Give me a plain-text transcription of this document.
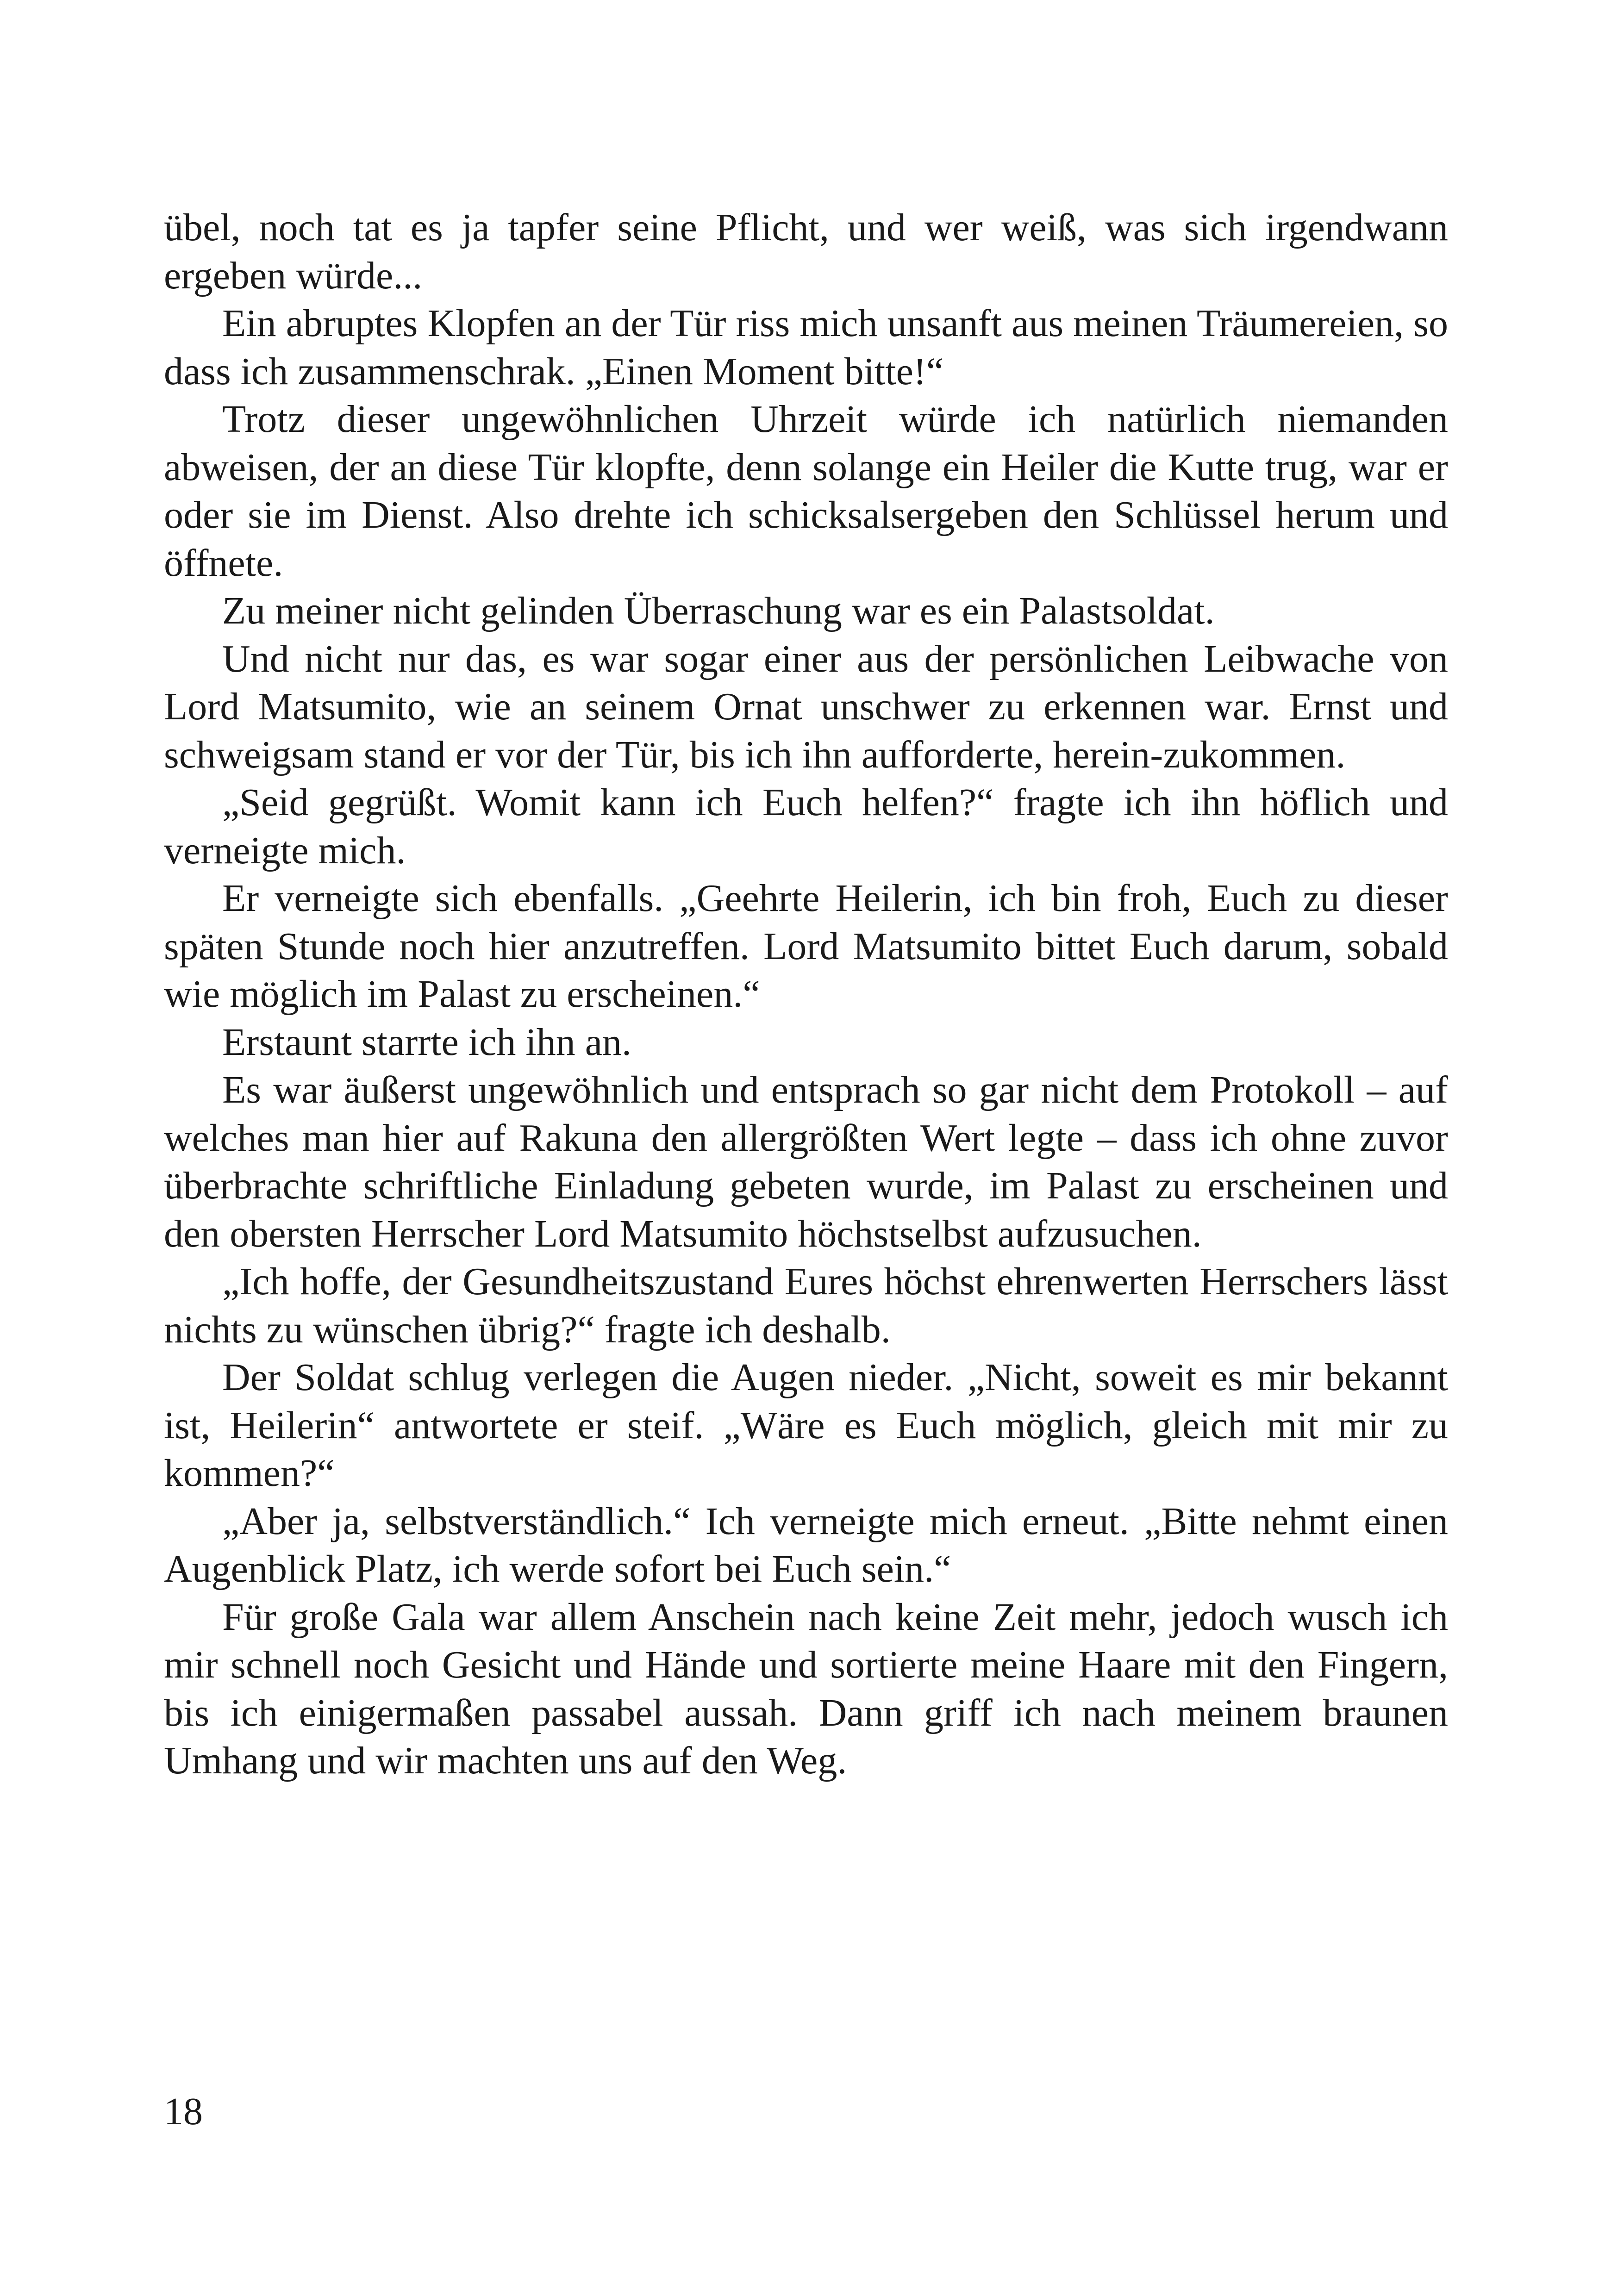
übel, noch tat es ja tapfer seine Pflicht, und wer weiß, was sich irgendwann ergeben würde...

Ein abruptes Klopfen an der Tür riss mich unsanft aus meinen Träumereien, so dass ich zusammenschrak. „Einen Moment bitte!“

Trotz dieser ungewöhnlichen Uhrzeit würde ich natürlich niemanden abweisen, der an diese Tür klopfte, denn solange ein Heiler die Kutte trug, war er oder sie im Dienst. Also drehte ich schicksalsergeben den Schlüssel herum und öffnete.

Zu meiner nicht gelinden Überraschung war es ein Palastsoldat.

Und nicht nur das, es war sogar einer aus der persönlichen Leibwache von Lord Matsumito, wie an seinem Ornat unschwer zu erkennen war. Ernst und schweigsam stand er vor der Tür, bis ich ihn aufforderte, herein-zukommen.

„Seid gegrüßt. Womit kann ich Euch helfen?“ fragte ich ihn höflich und verneigte mich.

Er verneigte sich ebenfalls. „Geehrte Heilerin, ich bin froh, Euch zu dieser späten Stunde noch hier anzutreffen. Lord Matsumito bittet Euch darum, sobald wie möglich im Palast zu erscheinen.“

Erstaunt starrte ich ihn an.

Es war äußerst ungewöhnlich und entsprach so gar nicht dem Protokoll – auf welches man hier auf Rakuna den allergrößten Wert legte – dass ich ohne zuvor überbrachte schriftliche Einladung gebeten wurde, im Palast zu erscheinen und den obersten Herrscher Lord Matsumito höchstselbst aufzusuchen.

„Ich hoffe, der Gesundheitszustand Eures höchst ehrenwerten Herrschers lässt nichts zu wünschen übrig?“ fragte ich deshalb.

Der Soldat schlug verlegen die Augen nieder. „Nicht, soweit es mir bekannt ist, Heilerin“ antwortete er steif. „Wäre es Euch möglich, gleich mit mir zu kommen?“

„Aber ja, selbstverständlich.“ Ich verneigte mich erneut. „Bitte nehmt einen Augenblick Platz, ich werde sofort bei Euch sein.“

Für große Gala war allem Anschein nach keine Zeit mehr, jedoch wusch ich mir schnell noch Gesicht und Hände und sortierte meine Haare mit den Fingern, bis ich einigermaßen passabel aussah. Dann griff ich nach meinem braunen Umhang und wir machten uns auf den Weg.

18
